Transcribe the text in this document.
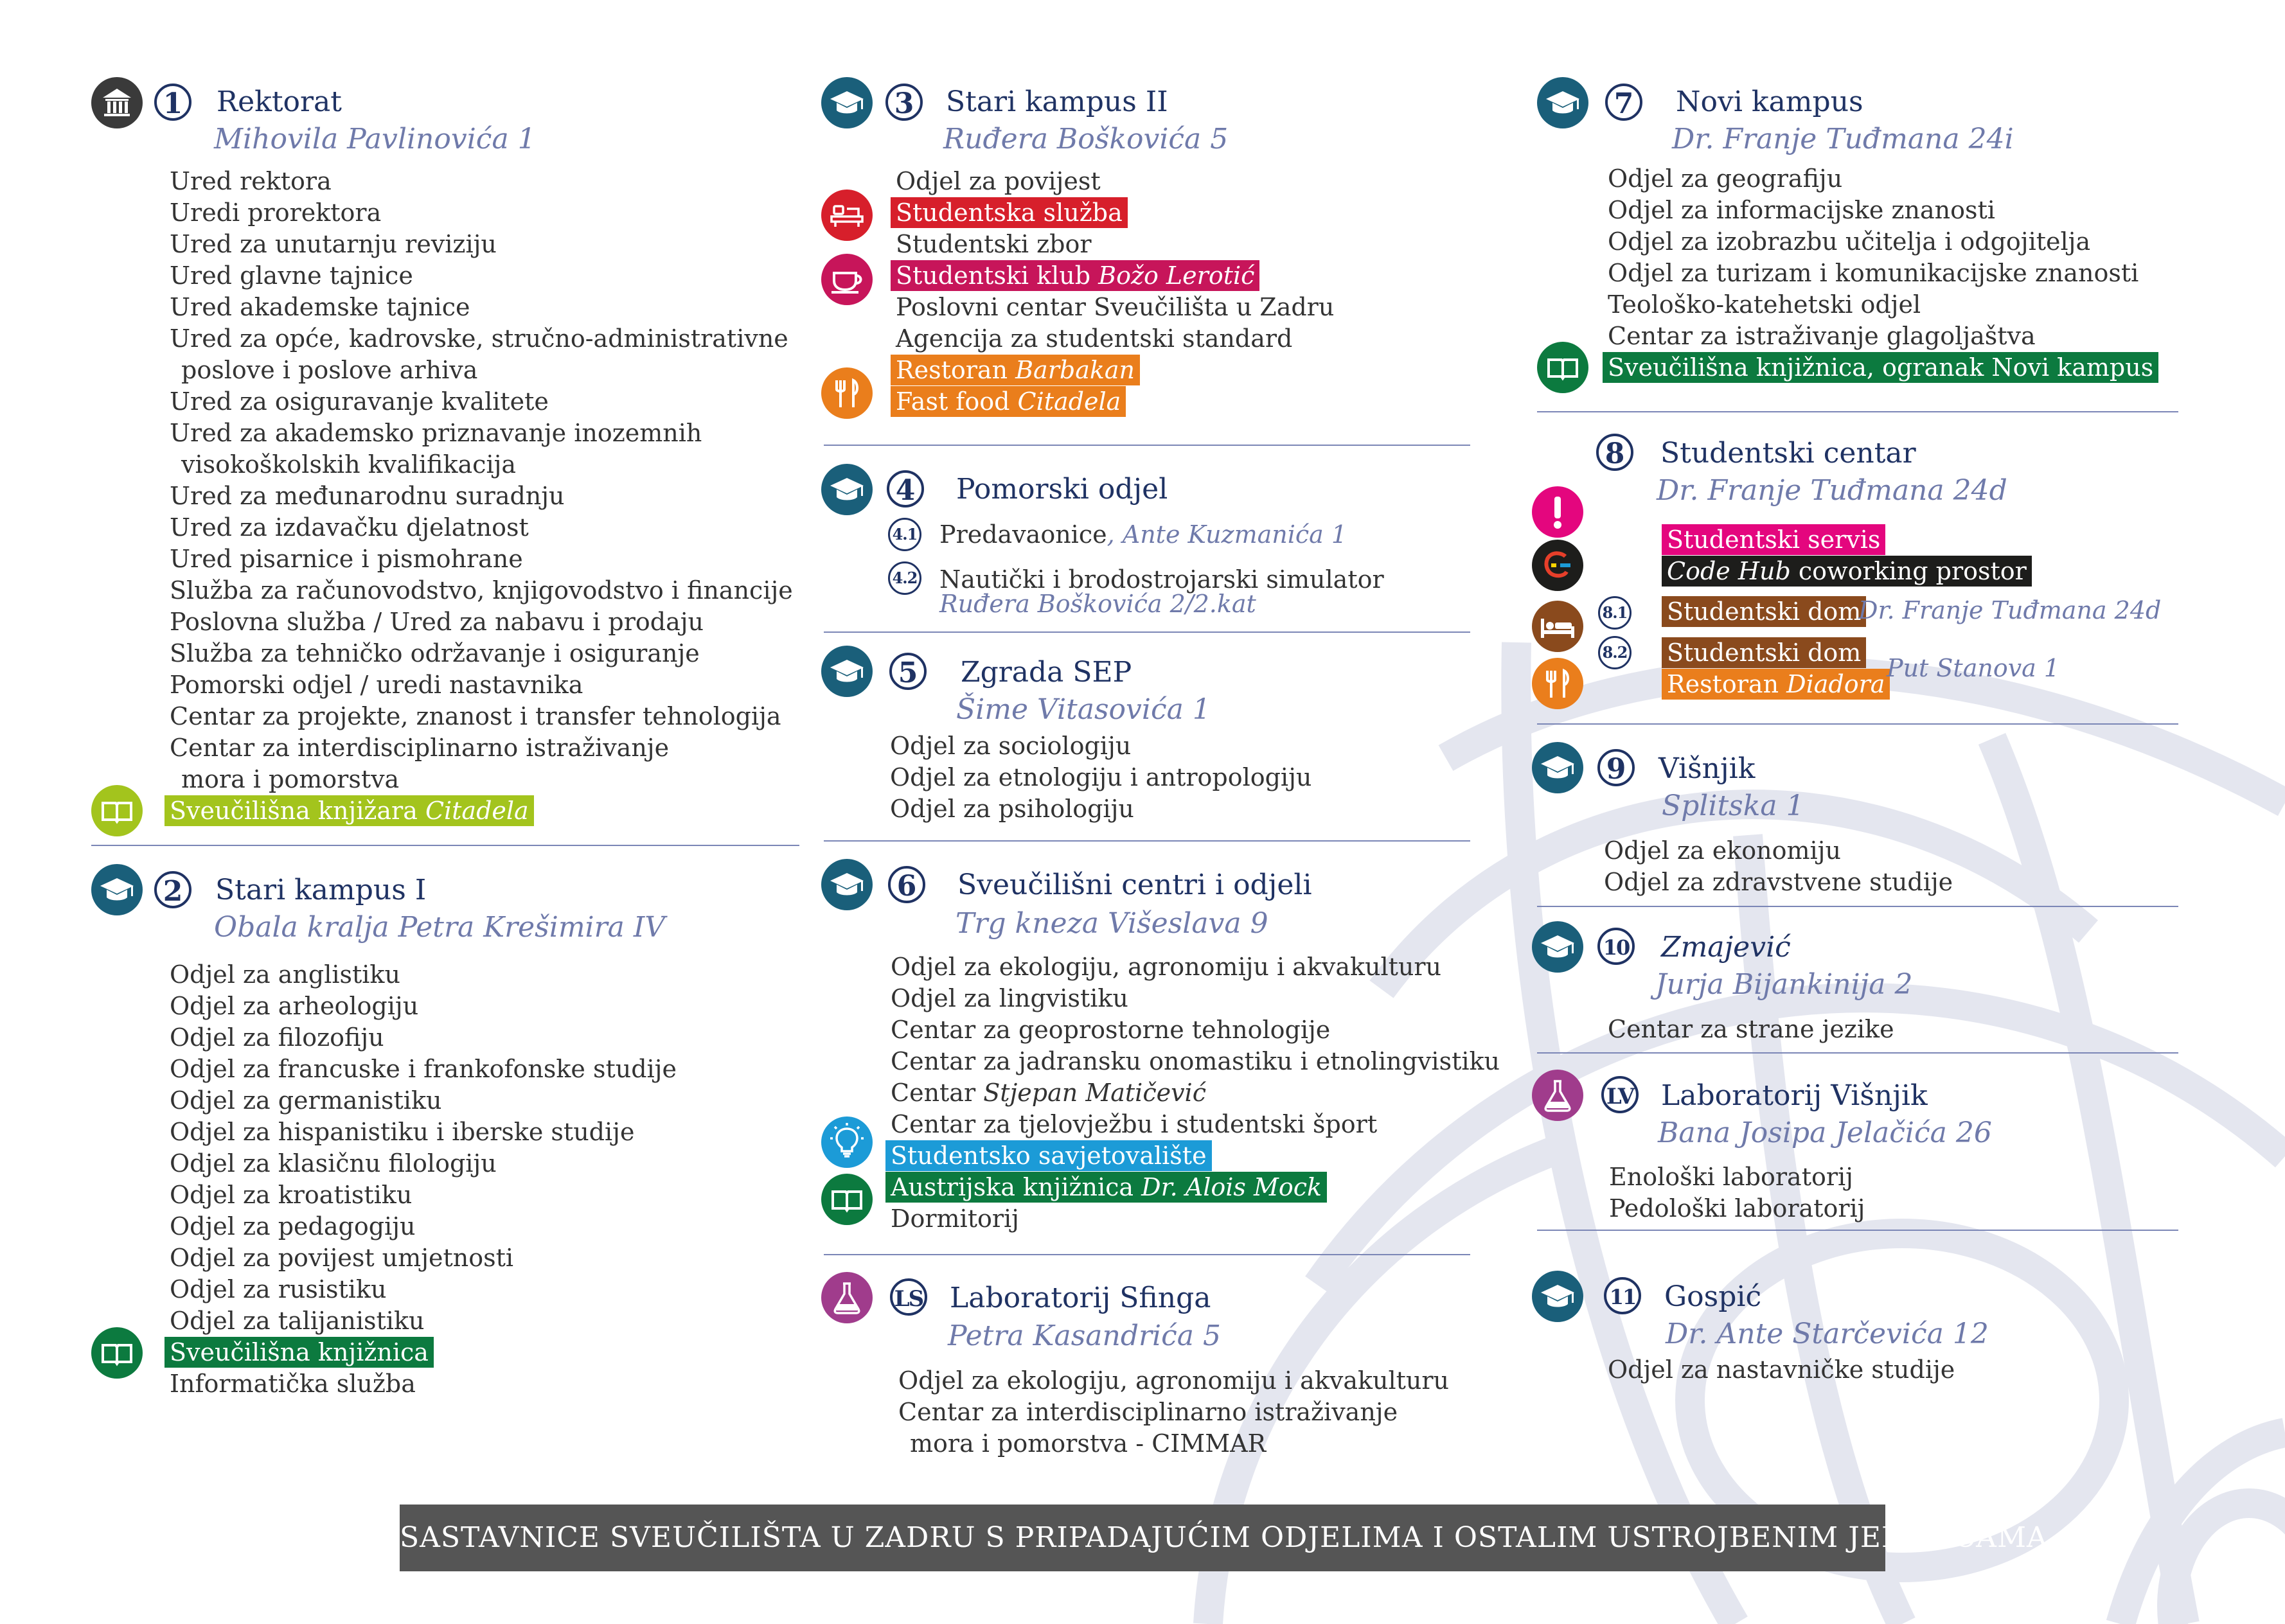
1	Rektorat
Mihovila Pavlinovića 1
Ured rektora
Uredi prorektora
Ured za unutarnju reviziju
Ured glavne tajnice
Ured akademske tajnice
Ured za opće, kadrovske, stručno-administrativne
poslove i poslove arhiva
Ured za osiguravanje kvalitete
Ured za akademsko priznavanje inozemnih
visokoškolskih kvalifikacija
Ured za međunarodnu suradnju
Ured za izdavačku djelatnost
Ured pisarnice i pismohrane
Služba za računovodstvo, knjigovodstvo i financije
Poslovna služba / Ured za nabavu i prodaju
Služba za tehničko održavanje i osiguranje
Pomorski odjel / uredi nastavnika
Centar za projekte, znanost i transfer tehnologija
Centar za interdisciplinarno istraživanje
mora i pomorstva
Sveučilišna knjižara Citadela
2	Stari kampus I
Obala kralja Petra Krešimira IV
Odjel za anglistiku
Odjel za arheologiju
Odjel za filozofiju
Odjel za francuske i frankofonske studije
Odjel za germanistiku
Odjel za hispanistiku i iberske studije
Odjel za klasičnu filologiju
Odjel za kroatistiku
Odjel za pedagogiju
Odjel za povijest umjetnosti
Odjel za rusistiku
Odjel za talijanistiku
Sveučilišna knjižnica
Informatička služba
3	Stari kampus II
Ruđera Boškovića 5
Odjel za povijest
Studentska služba
Studentski zbor
Studentski klub Božo Lerotić
Poslovni centar Sveučilišta u Zadru
Agencija za studentski standard
Restoran Barbakan
Fast food Citadela
4	Pomorski odjel
4.1 Predavaonice, Ante Kuzmanića 1
4.2 Nautički i brodostrojarski simulator
Ruđera Boškovića 2/2.kat
5	Zgrada SEP
Šime Vitasovića 1
Odjel za sociologiju
Odjel za etnologiju i antropologiju
Odjel za psihologiju
6	Sveučilišni centri i odjeli
Trg kneza Višeslava 9
Odjel za ekologiju, agronomiju i akvakulturu
Odjel za lingvistiku
Centar za geoprostorne tehnologije
Centar za jadransku onomastiku i etnolingvistiku
Centar Stjepan Matičević
Centar za tjelovježbu i studentski šport
Studentsko savjetovalište
Austrijska knjižnica Dr. Alois Mock
Dormitorij
LS Laboratorij Sfinga
Petra Kasandrića 5
Odjel za ekologiju, agronomiju i akvakulturu
Centar za interdisciplinarno istraživanje
mora i pomorstva - CIMMAR
7	Novi kampus
Dr. Franje Tuđmana 24i
Odjel za geografiju
Odjel za informacijske znanosti
Odjel za izobrazbu učitelja i odgojitelja
Odjel za turizam i komunikacijske znanosti
Teološko-katehetski odjel
Centar za istraživanje glagoljaštva
Sveučilišna knjižnica, ogranak Novi kampus
8	Studentski centar
Dr. Franje Tuđmana 24d
Studentski servis
Code Hub coworking prostor
8.1 Studentski dom
Dr. Franje Tuđmana 24d
8.2 Studentski dom
Restoran Diadora
Put Stanova 1
9	Višnjik
Splitska 1
Odjel za ekonomiju
Odjel za zdravstvene studije
10 Zmajević
Jurja Bijankinija 2
Centar za strane jezike
LV Laboratorij Višnjik
Bana Josipa Jelačića 26
Enološki laboratorij
Pedološki laboratorij
11 Gospić
Dr. Ante Starčevića 12
Odjel za nastavničke studije
SASTAVNICE SVEUČILIŠTA U ZADRU S PRIPADAJUĆIM ODJELIMA I OSTALIM USTROJBENIM JEDINICAMA
